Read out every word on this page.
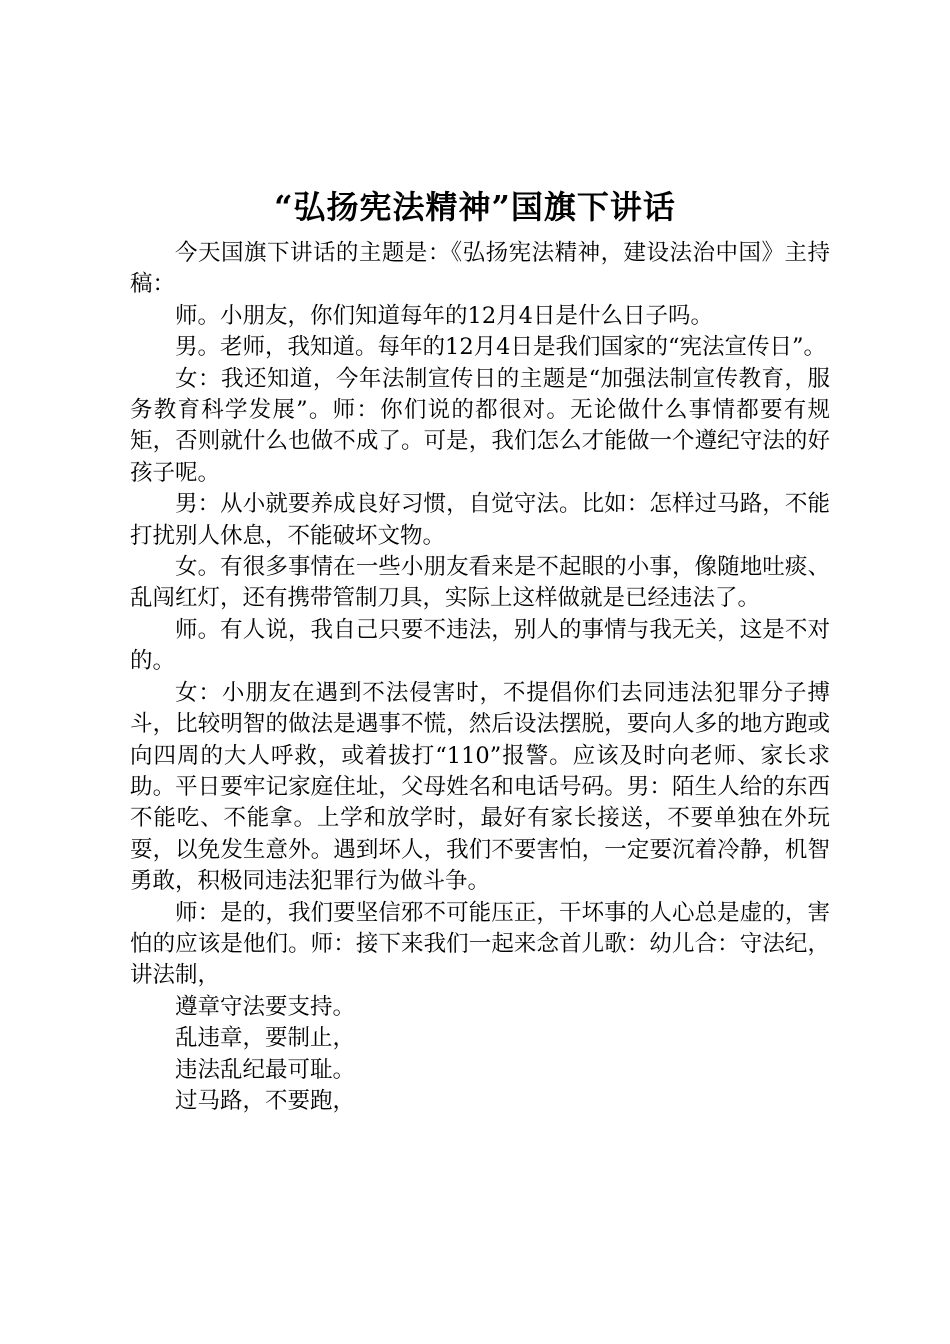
“弘扬宪法精神”国旗下讲话

今天国旗下讲话的主题是：《弘扬宪法精神，建设法治中国》主持稿：

师。小朋友，你们知道每年的12月4日是什么日子吗。

男。老师，我知道。每年的12月4日是我们国家的“宪法宣传日”。

女：我还知道，今年法制宣传日的主题是“加强法制宣传教育，服务教育科学发展”。师：你们说的都很对。无论做什么事情都要有规矩，否则就什么也做不成了。可是，我们怎么才能做一个遵纪守法的好孩子呢。

男：从小就要养成良好习惯，自觉守法。比如：怎样过马路，不能打扰别人休息，不能破坏文物。

女。有很多事情在一些小朋友看来是不起眼的小事，像随地吐痰、乱闯红灯，还有携带管制刀具，实际上这样做就是已经违法了。

师。有人说，我自己只要不违法，别人的事情与我无关，这是不对的。

女：小朋友在遇到不法侵害时，不提倡你们去同违法犯罪分子搏斗，比较明智的做法是遇事不慌，然后设法摆脱，要向人多的地方跑或向四周的大人呼救，或着拔打“110”报警。应该及时向老师、家长求助。平日要牢记家庭住址，父母姓名和电话号码。男：陌生人给的东西不能吃、不能拿。上学和放学时，最好有家长接送，不要单独在外玩耍，以免发生意外。遇到坏人，我们不要害怕，一定要沉着冷静，机智勇敢，积极同违法犯罪行为做斗争。

师：是的，我们要坚信邪不可能压正，干坏事的人心总是虚的，害怕的应该是他们。师：接下来我们一起来念首儿歌：幼儿合：守法纪，讲法制，

遵章守法要支持。

乱违章，要制止，

违法乱纪最可耻。

过马路，不要跑，
